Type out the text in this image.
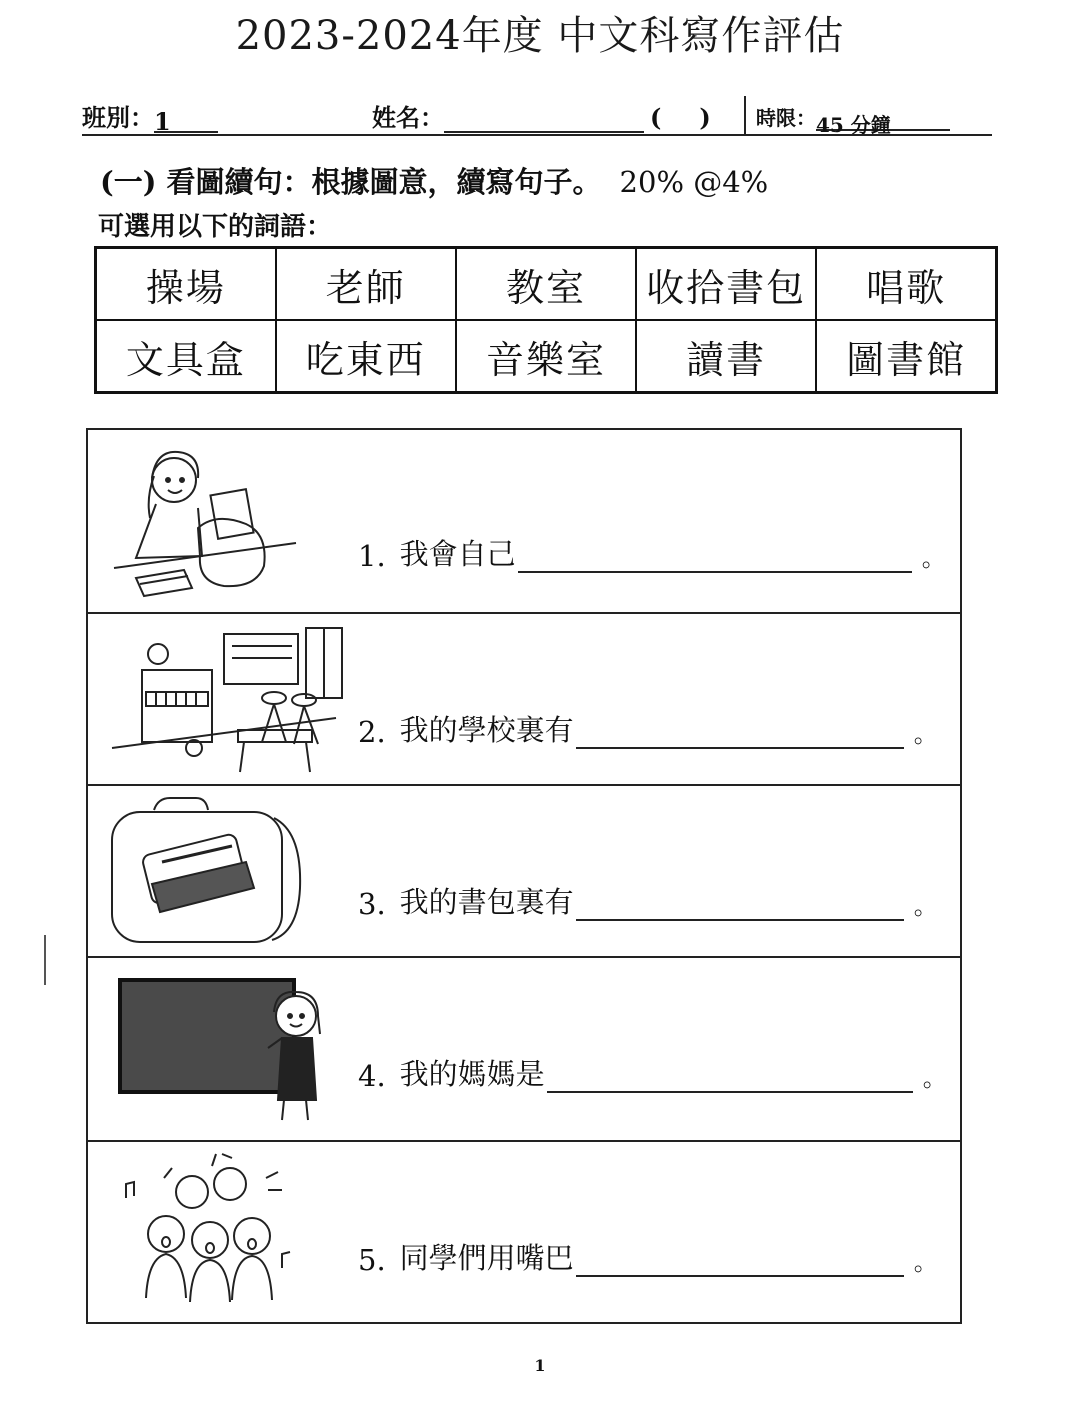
2023-2024年度 中文科寫作評估
班別：1	姓名：	( ) 時限：45 分鐘
(一) 看圖續句：根據圖意，續寫句子。 20% @4%
可選用以下的詞語：
操場	老師	教室	收拾書包	唱歌
文具盒	吃東西	音樂室	讀書	圖書館
1. 我會自己	。
2. 我的學校裏有	。
3. 我的書包裏有	。
4. 我的媽媽是	。
5. 同學們用嘴巴	。
1
